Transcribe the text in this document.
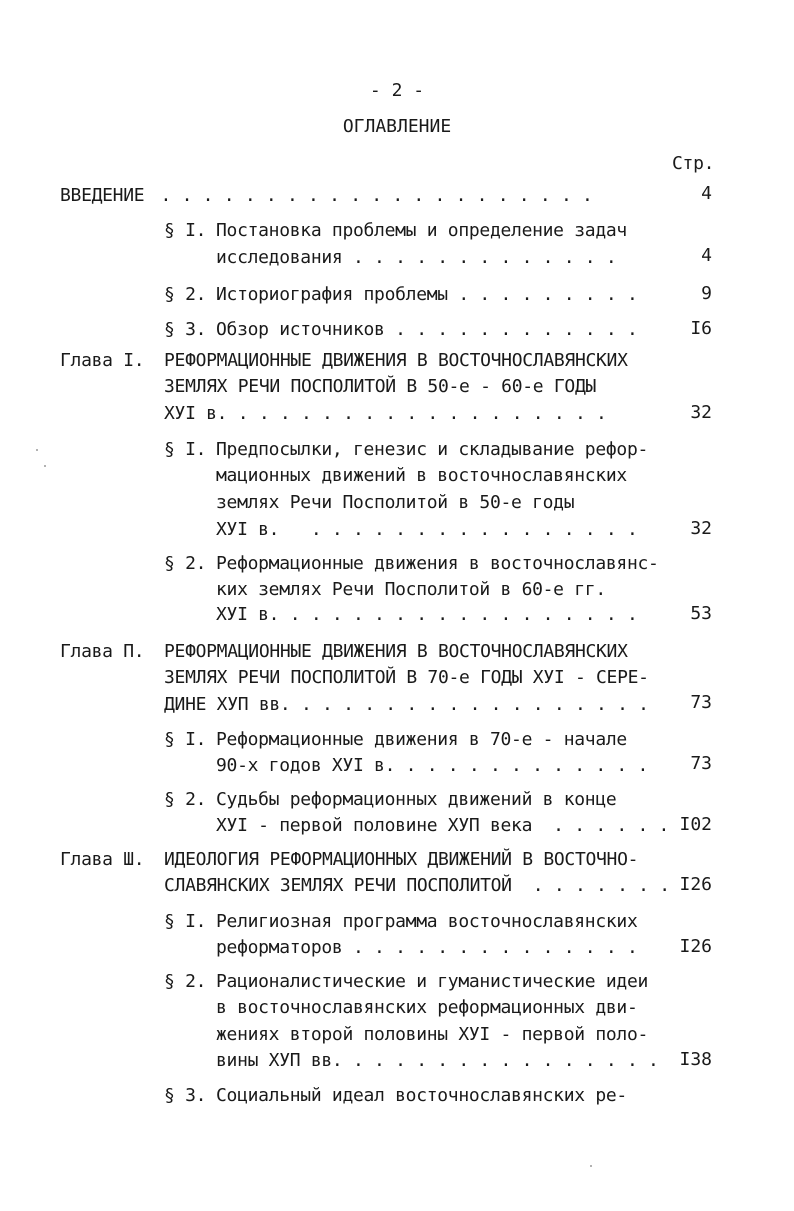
- 2 -
ОГЛАВЛЕНИЕ
Стр.
ВВЕДЕНИЕ . . . . . . . . . . . . . . . . . . . . .	4
§ I. Постановка проблемы и определение задач
исследования . . . . . . . . . . . . .	4
§ 2. Историография проблемы . . . . . . . . .	9
§ 3. Обзор источников . . . . . . . . . . . .	I6
Глава I. РЕФОРМАЦИОННЫЕ ДВИЖЕНИЯ В ВОСТОЧНОСЛАВЯНСКИХ
ЗЕМЛЯХ РЕЧИ ПОСПОЛИТОЙ В 50-е - 60-е ГОДЫ
ХУI в. . . . . . . . . . . . . . . . . . .	32
§ I. Предпосылки, генезис и складывание рефор-
мационных движений в восточнославянских
землях Речи Посполитой в 50-е годы
ХУI в.   . . . . . . . . . . . . . . . .	32
§ 2. Реформационные движения в восточнославянс-
ких землях Речи Посполитой в 60-е гг.
ХУI в. . . . . . . . . . . . . . . . . .	53
Глава П. РЕФОРМАЦИОННЫЕ ДВИЖЕНИЯ В ВОСТОЧНОСЛАВЯНСКИХ
ЗЕМЛЯХ РЕЧИ ПОСПОЛИТОЙ В 70-е ГОДЫ ХУI - СЕРЕ-
ДИНЕ ХУП вв. . . . . . . . . . . . . . . . . .	73
§ I. Реформационные движения в 70-е - начале
90-х годов ХУI в. . . . . . . . . . . . .	73
§ 2. Судьбы реформационных движений в конце
ХУI - первой половине ХУП века  . . . . . . I02
Глава Ш. ИДЕОЛОГИЯ РЕФОРМАЦИОННЫХ ДВИЖЕНИЙ В ВОСТОЧНО-
СЛАВЯНСКИХ ЗЕМЛЯХ РЕЧИ ПОСПОЛИТОЙ  . . . . . . . I26
§ I. Религиозная программа восточнославянских
реформаторов . . . . . . . . . . . . . .	I26
§ 2. Рационалистические и гуманистические идеи
в восточнославянских реформационных дви-
жениях второй половины ХУI - первой поло-
вины ХУП вв. . . . . . . . . . . . . . . .	I38
§ 3. Социальный идеал восточнославянских ре-
